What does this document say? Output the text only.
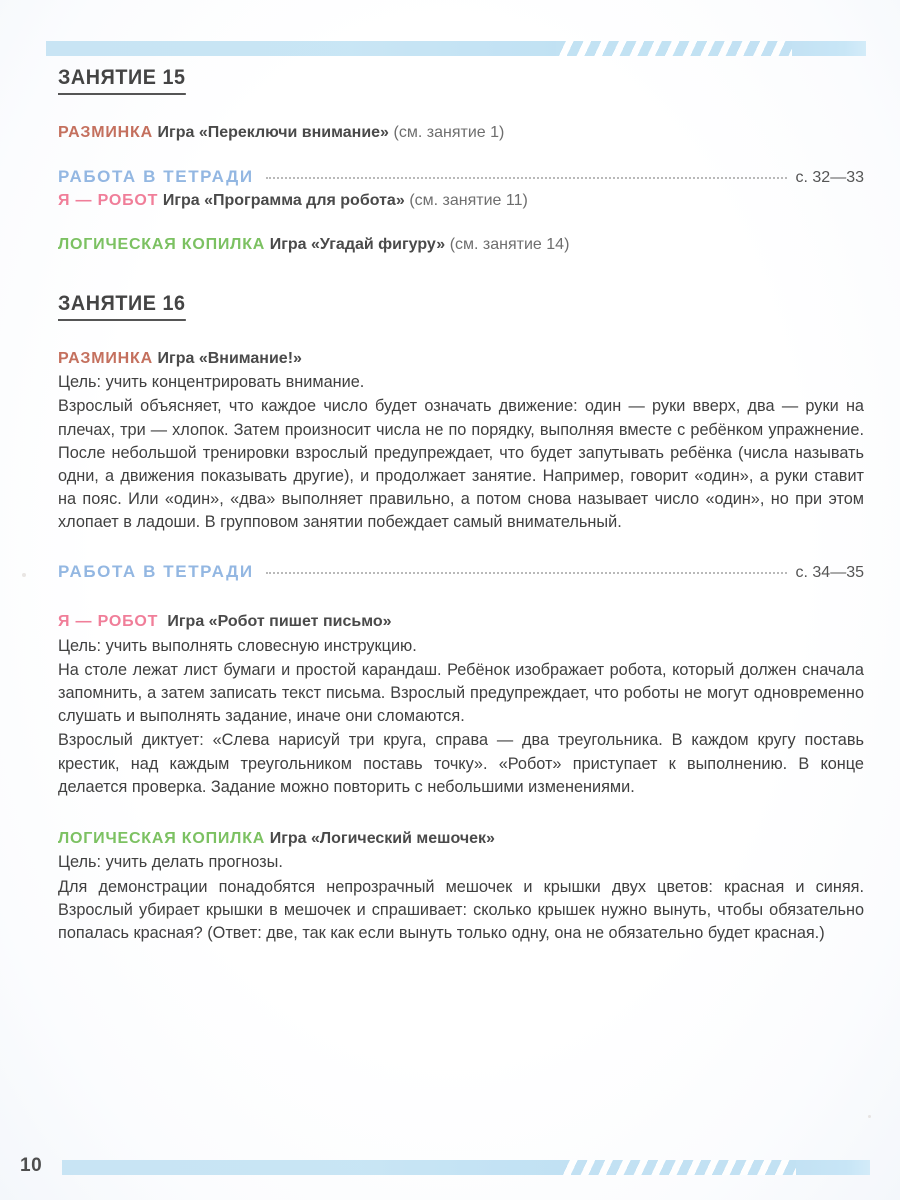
ЗАНЯТИЕ 15

РАЗМИНКА Игра «Переключи внимание» (см. занятие 1)

РАБОТА В ТЕТРАДИ	с. 32—33

Я — РОБОТ Игра «Программа для робота» (см. занятие 11)

ЛОГИЧЕСКАЯ КОПИЛКА Игра «Угадай фигуру» (см. занятие 14)

ЗАНЯТИЕ 16

РАЗМИНКА Игра «Внимание!»

Цель: учить концентрировать внимание.

Взрослый объясняет, что каждое число будет означать движение: один — руки вверх, два — руки на плечах, три — хлопок. Затем произносит числа не по порядку, выполняя вместе с ребёнком упражнение. После небольшой тренировки взрослый предупреждает, что будет запутывать ребёнка (числа называть одни, а движения показывать другие), и продолжает занятие. Например, говорит «один», а руки ставит на пояс. Или «один», «два» выполняет правильно, а потом снова называет число «один», но при этом хлопает в ладоши. В групповом занятии побеждает самый внимательный.

РАБОТА В ТЕТРАДИ	с. 34—35

Я — РОБОТ Игра «Робот пишет письмо»

Цель: учить выполнять словесную инструкцию.

На столе лежат лист бумаги и простой карандаш. Ребёнок изображает робота, который должен сначала запомнить, а затем записать текст письма. Взрослый предупреждает, что роботы не могут одновременно слушать и выполнять задание, иначе они сломаются.

Взрослый диктует: «Слева нарисуй три круга, справа — два треугольника. В каждом кругу поставь крестик, над каждым треугольником поставь точку». «Робот» приступает к выполнению. В конце делается проверка. Задание можно повторить с небольшими изменениями.

ЛОГИЧЕСКАЯ КОПИЛКА Игра «Логический мешочек»

Цель: учить делать прогнозы.

Для демонстрации понадобятся непрозрачный мешочек и крышки двух цветов: красная и синяя. Взрослый убирает крышки в мешочек и спрашивает: сколько крышек нужно вынуть, чтобы обязательно попалась красная? (Ответ: две, так как если вынуть только одну, она не обязательно будет красная.)

10
